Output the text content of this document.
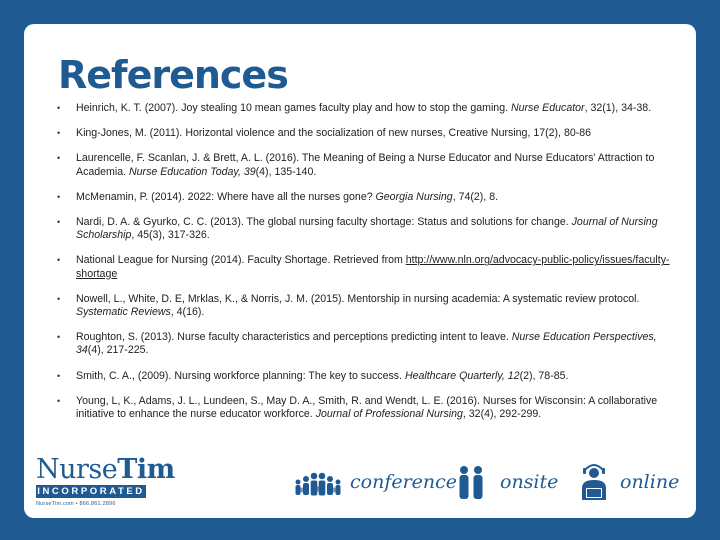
References
• Heinrich, K. T. (2007). Joy stealing 10 mean games faculty play and how to stop the gaming. Nurse Educator, 32(1), 34-38.
• King-Jones, M. (2011). Horizontal violence and the socialization of new nurses, Creative Nursing, 17(2), 80-86
• Laurencelle, F. Scanlan, J. & Brett, A. L. (2016). The Meaning of Being a Nurse Educator and Nurse Educators' Attraction to Academia. Nurse Education Today, 39(4), 135-140.
• McMenamin, P. (2014). 2022: Where have all the nurses gone? Georgia Nursing, 74(2), 8.
• Nardi, D. A. & Gyurko, C. C. (2013). The global nursing faculty shortage: Status and solutions for change. Journal of Nursing Scholarship, 45(3), 317-326.
• National League for Nursing (2014). Faculty Shortage. Retrieved from http://www.nln.org/advocacy-public-policy/issues/faculty-shortage
• Nowell, L., White, D. E, Mrklas, K., & Norris, J. M. (2015). Mentorship in nursing academia: A systematic review protocol. Systematic Reviews, 4(16).
• Roughton, S. (2013). Nurse faculty characteristics and perceptions predicting intent to leave. Nurse Education Perspectives, 34(4), 217-225.
• Smith, C. A., (2009). Nursing workforce planning: The key to success. Healthcare Quarterly, 12(2), 78-85.
• Young, L, K., Adams, J. L., Lundeen, S., May D. A., Smith, R. and Wendt, L. E. (2016). Nurses for Wisconsin: A collaborative initiative to enhance the nurse educator workforce. Journal of Professional Nursing, 32(4), 292-299.
NurseTim
INCORPORATED
NurseTim.com • 866.861.2896
conference onsite	online
